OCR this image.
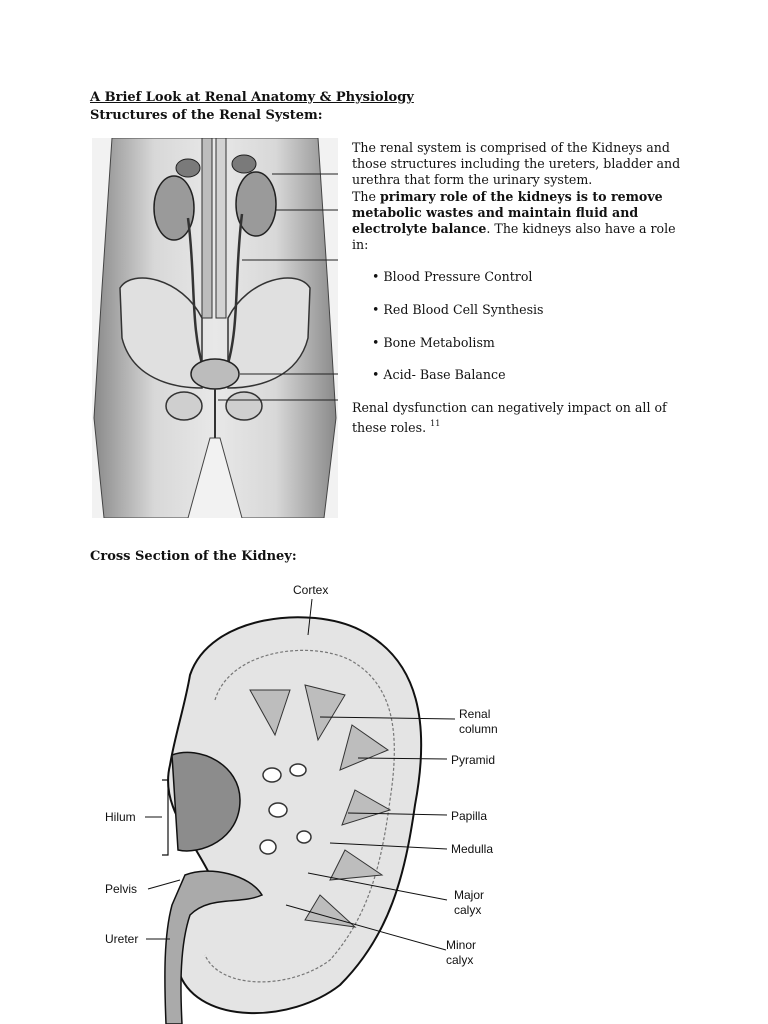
A Brief Look at Renal Anatomy & Physiology
Structures of the Renal System:

The renal system is comprised of the Kidneys and those structures including the ureters, bladder and urethra that form the urinary system.

The primary role of the kidneys is to remove metabolic wastes and maintain fluid and electrolyte balance. The kidneys also have a role in:

• Blood Pressure Control
• Red Blood Cell Synthesis
• Bone Metabolism
• Acid- Base Balance

Renal dysfunction can negatively impact on all of these roles. $^{11}$

Cross Section of the Kidney:
Cortex
Renal
column
Pyramid
Papilla
Medulla
Major
calyx
Minor
calyx
Hilum
Pelvis
Ureter
